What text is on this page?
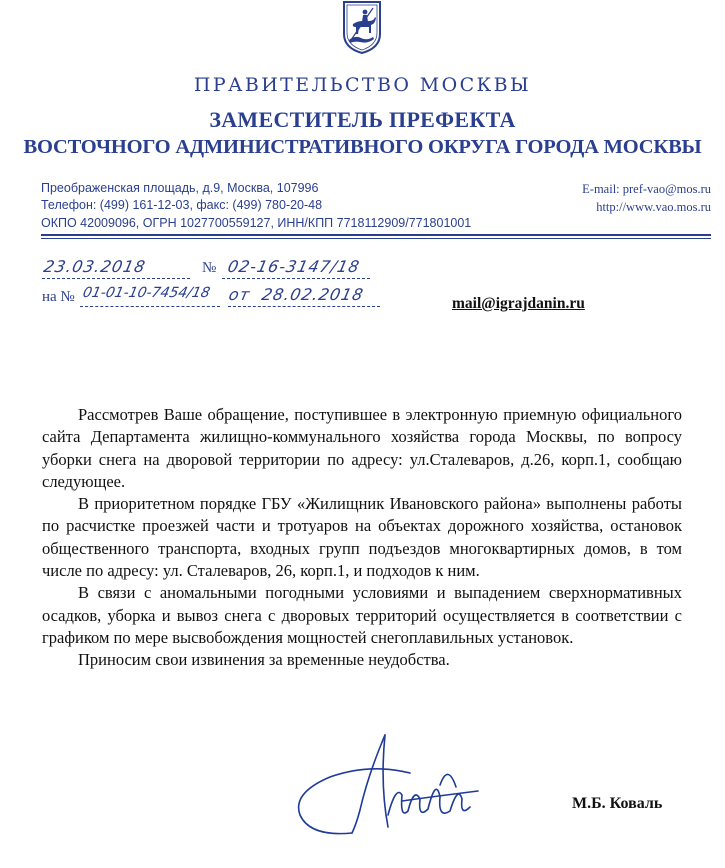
ПРАВИТЕЛЬСТВО МОСКВЫ
ЗАМЕСТИТЕЛЬ ПРЕФЕКТА
ВОСТОЧНОГО АДМИНИСТРАТИВНОГО ОКРУГА ГОРОДА МОСКВЫ
Преображенская площадь, д.9, Москва, 107996
Телефон: (499) 161-12-03, факс: (499) 780-20-48
ОКПО 42009096, ОГРН 1027700559127, ИНН/КПП 7718112909/771801001
E-mail: pref-vao@mos.ru
http://www.vao.mos.ru
23.03.2018	№ 02-16-3147/18
на № 01-01-10-7454/18 от 28.02.2018	mail@igrajdanin.ru

Рассмотрев Ваше обращение, поступившее в электронную приемную официального сайта Департамента жилищно-коммунального хозяйства города Москвы, по вопросу уборки снега на дворовой территории по адресу: ул.Сталеваров, д.26, корп.1, сообщаю следующее.

В приоритетном порядке ГБУ «Жилищник Ивановского района» выполнены работы по расчистке проезжей части и тротуаров на объектах дорожного хозяйства, остановок общественного транспорта, входных групп подъездов многоквартирных домов, в том числе по адресу: ул. Сталеваров, 26, корп.1, и подходов к ним.

В связи с аномальными погодными условиями и выпадением сверхнормативных осадков, уборка и вывоз снега с дворовых территорий осуществляется в соответствии с графиком по мере высвобождения мощностей снегоплавильных установок.

Приносим свои извинения за временные неудобства.

М.Б. Коваль
